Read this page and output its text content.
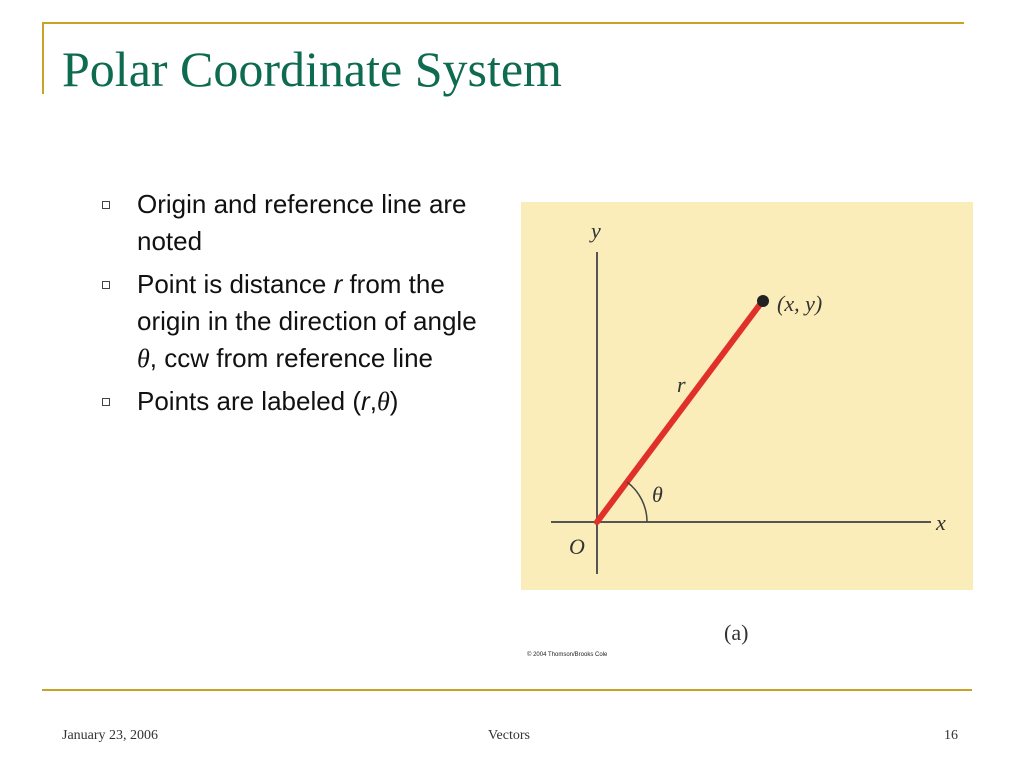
Polar Coordinate System
Origin and reference line are noted
Point is distance r from the origin in the direction of angle θ, ccw from reference line
Points are labeled (r,θ)
y
x
O
r
θ
(x, y)
(a)
© 2004 Thomson/Brooks Cole
January 23, 2006	Vectors	16
